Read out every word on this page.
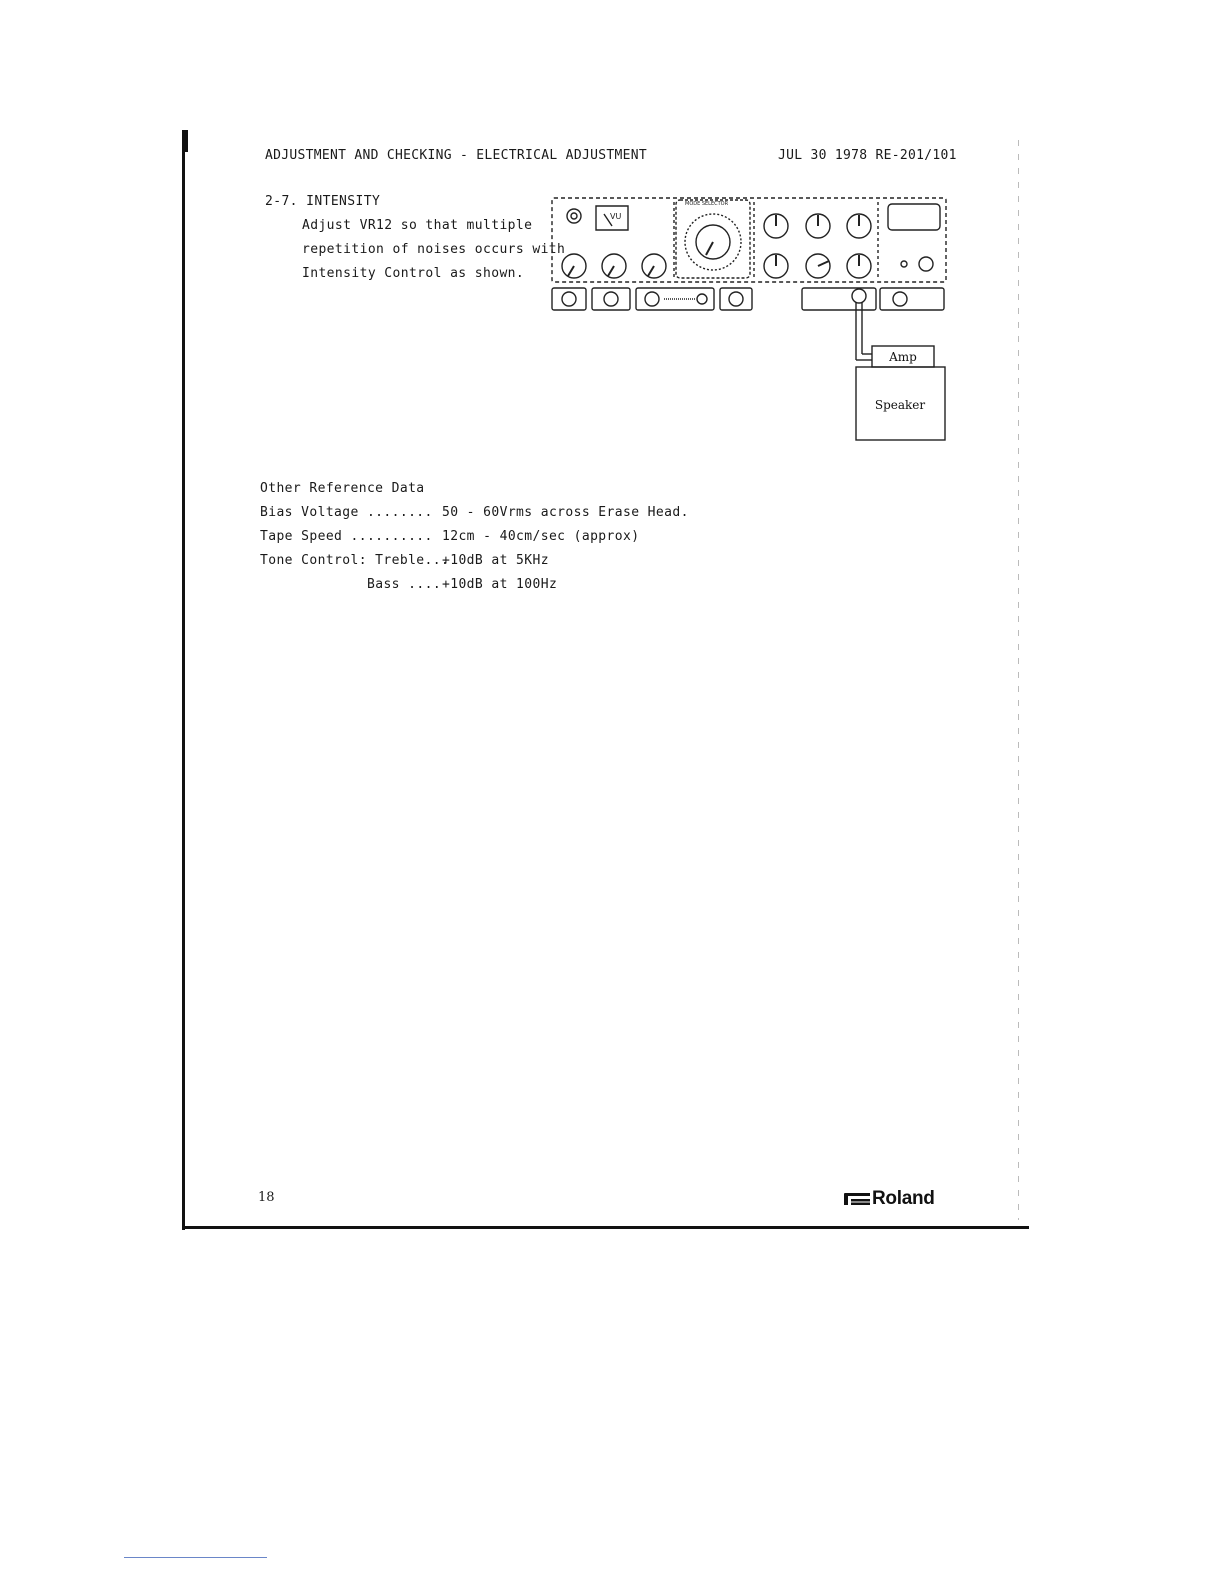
ADJUSTMENT AND CHECKING - ELECTRICAL ADJUSTMENT	JUL 30 1978 RE-201/101
2-7. INTENSITY
Adjust VR12 so that multiple
repetition of noises occurs with
Intensity Control as shown.
MODE SELECTOR
VU
Amp
Speaker
Other Reference Data
Bias Voltage ........ 50 - 60Vrms across Erase Head.
Tape Speed .......... 12cm - 40cm/sec (approx)
Tone Control: Treble...
+10dB at 5KHz
Bass .... +10dB at 100Hz
18	Roland
